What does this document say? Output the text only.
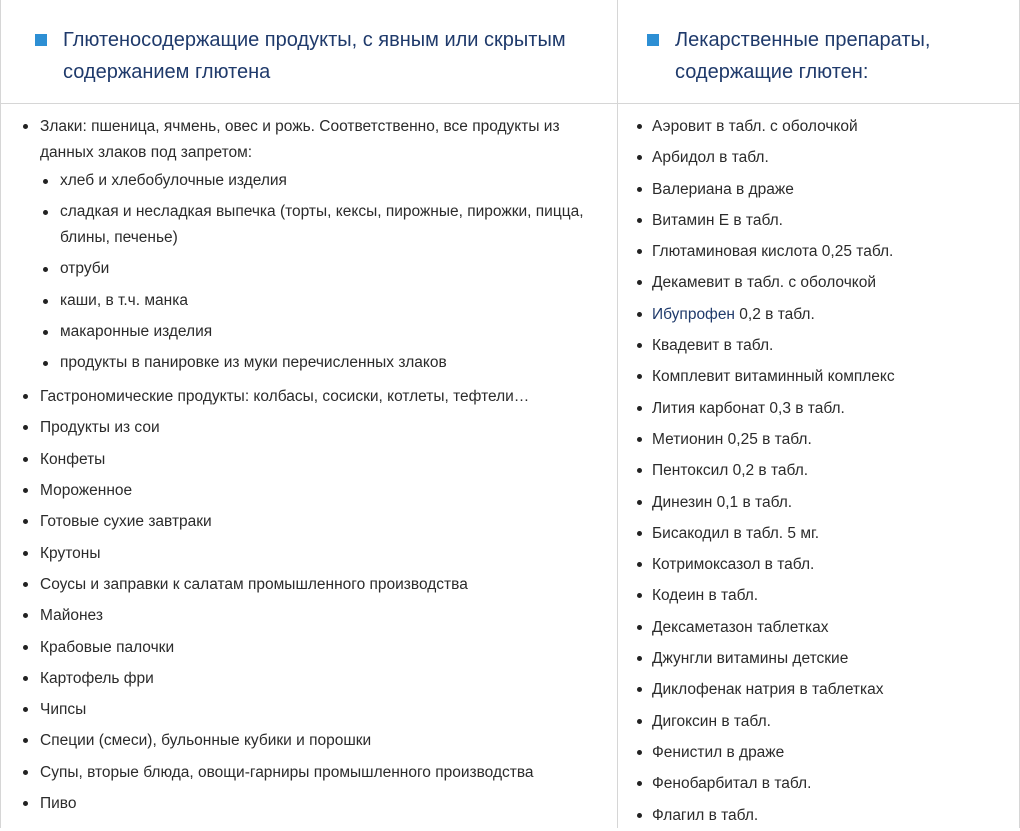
Глютеносодержащие продукты, с явным или скрытым содержанием глютена
Лекарственные препараты, содержащие глютен:
Злаки: пшеница, ячмень, овес и рожь. Соответственно, все продукты из данных злаков под запретом:
хлеб и хлебобулочные изделия
сладкая и несладкая выпечка (торты, кексы, пирожные, пирожки, пицца, блины, печенье)
отруби
каши, в т.ч. манка
макаронные изделия
продукты в панировке из муки перечисленных злаков
Гастрономические продукты: колбасы, сосиски, котлеты, тефтели…
Продукты из сои
Конфеты
Мороженное
Готовые сухие завтраки
Крутоны
Соусы и заправки к салатам промышленного производства
Майонез
Крабовые палочки
Картофель фри
Чипсы
Специи (смеси), бульонные кубики и порошки
Супы, вторые блюда, овощи-гарниры промышленного производства
Пиво
Аэровит в табл. с оболочкой
Арбидол в табл.
Валериана в драже
Витамин Е в табл.
Глютаминовая кислота 0,25 табл.
Декамевит в табл. с оболочкой
Ибупрофен 0,2 в табл.
Квадевит в табл.
Комплевит витаминный комплекс
Лития карбонат 0,3 в табл.
Метионин 0,25 в табл.
Пентоксил 0,2 в табл.
Динезин 0,1 в табл.
Бисакодил в табл. 5 мг.
Котримоксазол в табл.
Кодеин в табл.
Дексаметазон таблетках
Джунгли витамины детские
Диклофенак натрия в таблетках
Дигоксин в табл.
Фенистил в драже
Фенобарбитал в табл.
Флагил в табл.
